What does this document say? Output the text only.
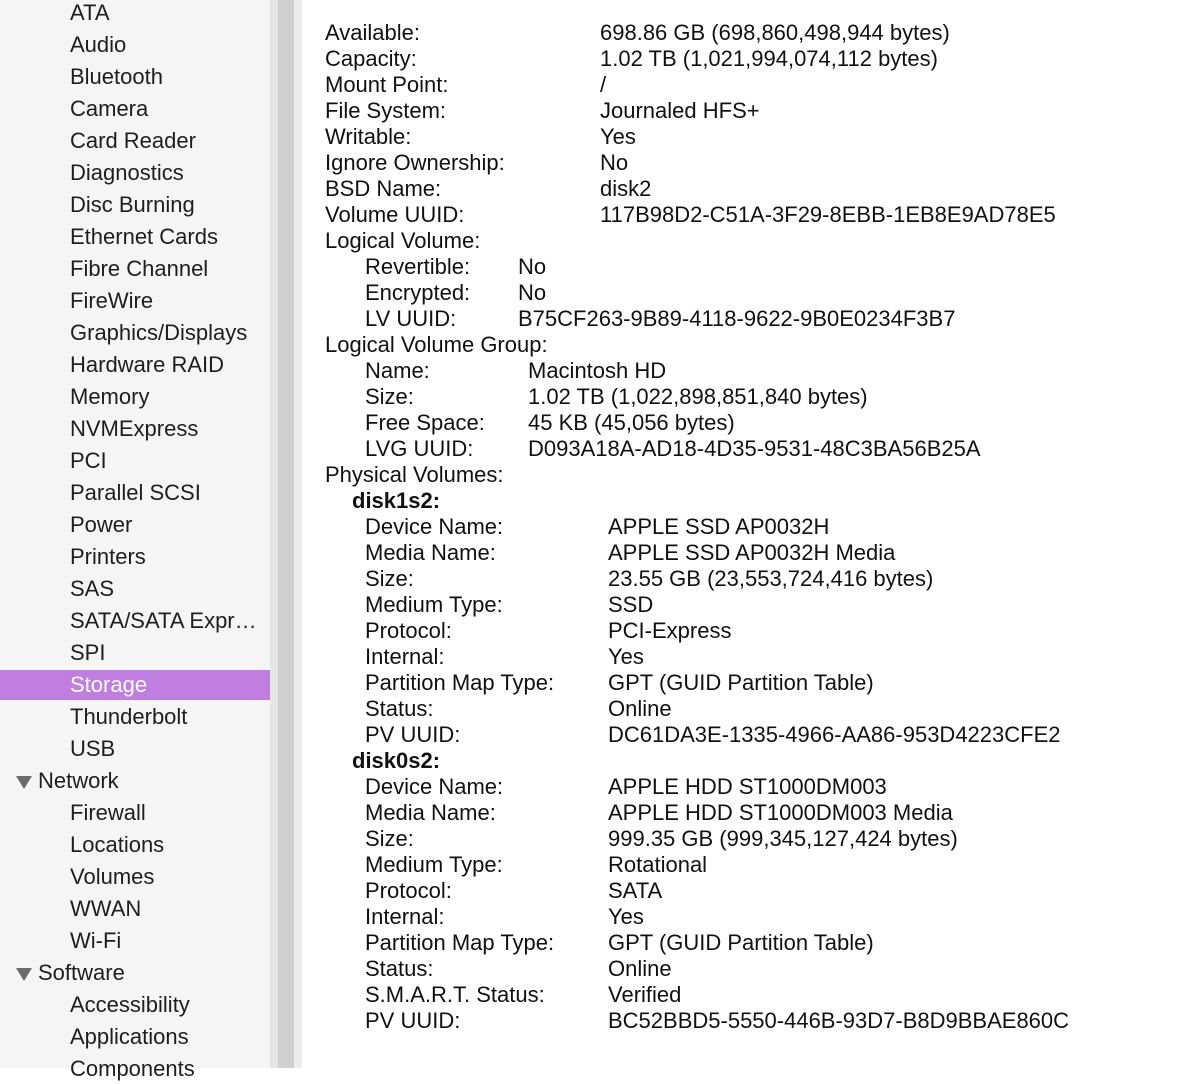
ATA
Audio
Bluetooth
Camera
Card Reader
Diagnostics
Disc Burning
Ethernet Cards
Fibre Channel
FireWire
Graphics/Displays
Hardware RAID
Memory
NVMExpress
PCI
Parallel SCSI
Power
Printers
SAS
SATA/SATA Expr…
SPI
Storage
Thunderbolt
USB
Network
Firewall
Locations
Volumes
WWAN
Wi-Fi
Software
Accessibility
Applications
Components
Available:	698.86 GB (698,860,498,944 bytes)
Capacity:	1.02 TB (1,021,994,074,112 bytes)
Mount Point:	/
File System:	Journaled HFS+
Writable:	Yes
Ignore Ownership:	No
BSD Name:	disk2
Volume UUID:	117B98D2-C51A-3F29-8EBB-1EB8E9AD78E5
Logical Volume:
Revertible: No
Encrypted: No
LV UUID:	B75CF263-9B89-4118-9622-9B0E0234F3B7
Logical Volume Group:
Name:	Macintosh HD
Size:	1.02 TB (1,022,898,851,840 bytes)
Free Space: 45 KB (45,056 bytes)
LVG UUID: D093A18A-AD18-4D35-9531-48C3BA56B25A
Physical Volumes:
disk1s2:
Device Name:	APPLE SSD AP0032H
Media Name:	APPLE SSD AP0032H Media
Size:	23.55 GB (23,553,724,416 bytes)
Medium Type:	SSD
Protocol:	PCI-Express
Internal:	Yes
Partition Map Type: GPT (GUID Partition Table)
Status:	Online
PV UUID:	DC61DA3E-1335-4966-AA86-953D4223CFE2
disk0s2:
Device Name:	APPLE HDD ST1000DM003
Media Name:	APPLE HDD ST1000DM003 Media
Size:	999.35 GB (999,345,127,424 bytes)
Medium Type:	Rotational
Protocol:	SATA
Internal:	Yes
Partition Map Type: GPT (GUID Partition Table)
Status:	Online
S.M.A.R.T. Status:	Verified
PV UUID:	BC52BBD5-5550-446B-93D7-B8D9BBAE860C
